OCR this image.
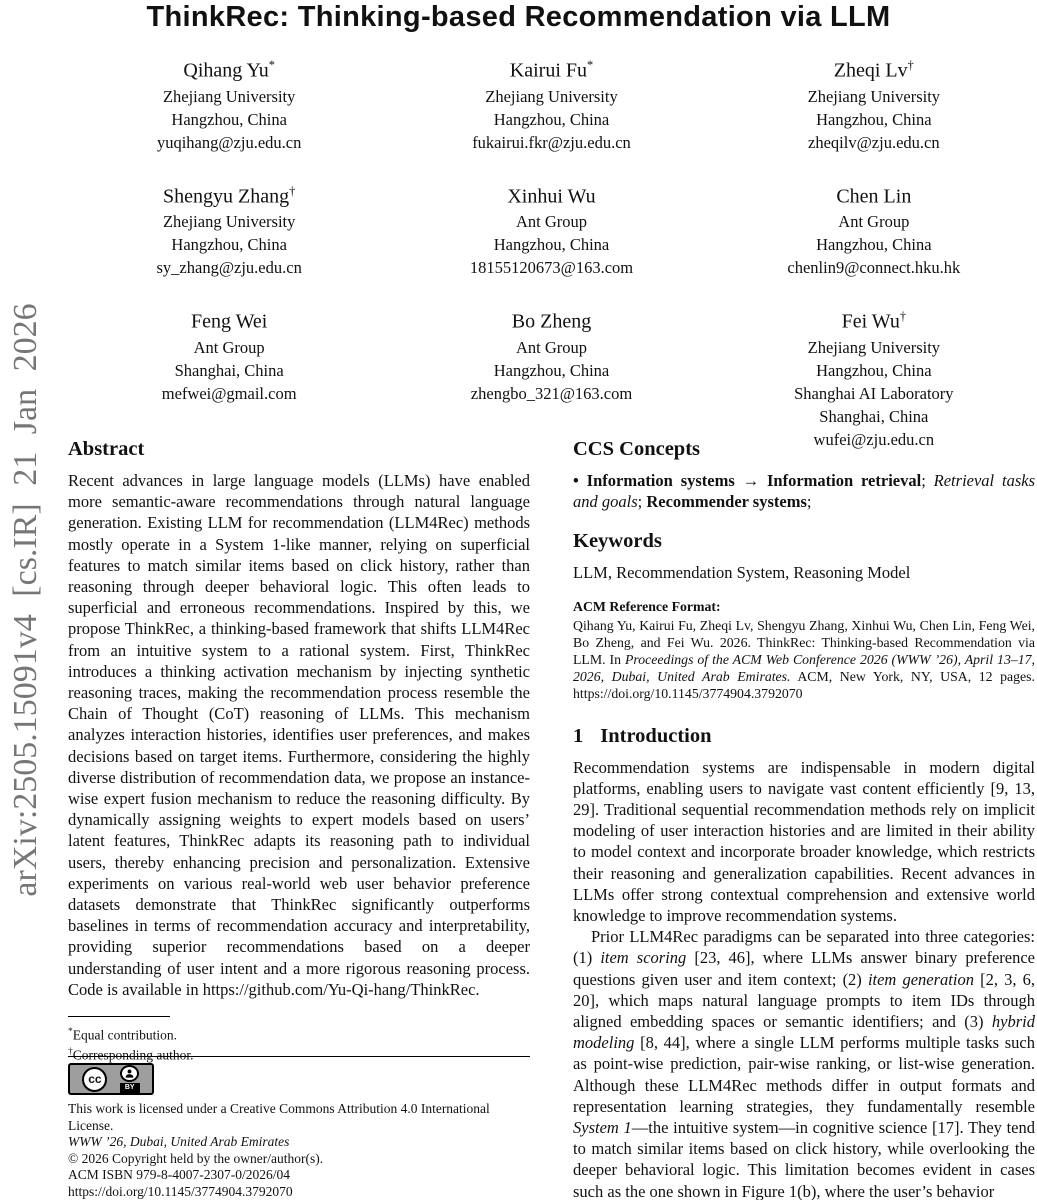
arXiv:2505.15091v4 [cs.IR] 21 Jan 2026
ThinkRec: Thinking-based Recommendation via LLM
Qihang Yu*
Zhejiang University
Hangzhou, China
yuqihang@zju.edu.cn
Kairui Fu*
Zhejiang University
Hangzhou, China
fukairui.fkr@zju.edu.cn
Zheqi Lv†
Zhejiang University
Hangzhou, China
zheqilv@zju.edu.cn
Shengyu Zhang†
Zhejiang University
Hangzhou, China
sy_zhang@zju.edu.cn
Xinhui Wu
Ant Group
Hangzhou, China
18155120673@163.com
Chen Lin
Ant Group
Hangzhou, China
chenlin9@connect.hku.hk
Feng Wei
Ant Group
Shanghai, China
mefwei@gmail.com
Bo Zheng
Ant Group
Hangzhou, China
zhengbo_321@163.com
Fei Wu†
Zhejiang University
Hangzhou, China
Shanghai AI Laboratory
Shanghai, China
wufei@zju.edu.cn
Abstract

Recent advances in large language models (LLMs) have enabled more semantic-aware recommendations through natural language generation. Existing LLM for recommendation (LLM4Rec) methods mostly operate in a System 1-like manner, relying on superficial features to match similar items based on click history, rather than reasoning through deeper behavioral logic. This often leads to superficial and erroneous recommendations. Inspired by this, we propose ThinkRec, a thinking-based framework that shifts LLM4Rec from an intuitive system to a rational system. First, ThinkRec introduces a thinking activation mechanism by injecting synthetic reasoning traces, making the recommendation process resemble the Chain of Thought (CoT) reasoning of LLMs. This mechanism analyzes interaction histories, identifies user preferences, and makes decisions based on target items. Furthermore, considering the highly diverse distribution of recommendation data, we propose an instance-wise expert fusion mechanism to reduce the reasoning difficulty. By dynamically assigning weights to expert models based on users’ latent features, ThinkRec adapts its reasoning path to individual users, thereby enhancing precision and personalization. Extensive experiments on various real-world web user behavior preference datasets demonstrate that ThinkRec significantly outperforms baselines in terms of recommendation accuracy and interpretability, providing superior recommendations based on a deeper understanding of user intent and a more rigorous reasoning process. Code is available in https://github.com/Yu-Qi-hang/ThinkRec.

*Equal contribution.

†Corresponding author.

cc
BY

This work is licensed under a Creative Commons Attribution 4.0 International License.

WWW ’26, Dubai, United Arab Emirates

© 2026 Copyright held by the owner/author(s).

ACM ISBN 979-8-4007-2307-0/2026/04

https://doi.org/10.1145/3774904.3792070

CCS Concepts

• Information systems → Information retrieval; Retrieval tasks and goals; Recommender systems;

Keywords

LLM, Recommendation System, Reasoning Model

ACM Reference Format:

Qihang Yu, Kairui Fu, Zheqi Lv, Shengyu Zhang, Xinhui Wu, Chen Lin, Feng Wei, Bo Zheng, and Fei Wu. 2026. ThinkRec: Thinking-based Recommendation via LLM. In Proceedings of the ACM Web Conference 2026 (WWW ’26), April 13–17, 2026, Dubai, United Arab Emirates. ACM, New York, NY, USA, 12 pages. https://doi.org/10.1145/3774904.3792070

1 Introduction

Recommendation systems are indispensable in modern digital platforms, enabling users to navigate vast content efficiently [9, 13, 29]. Traditional sequential recommendation methods rely on implicit modeling of user interaction histories and are limited in their ability to model context and incorporate broader knowledge, which restricts their reasoning and generalization capabilities. Recent advances in LLMs offer strong contextual comprehension and extensive world knowledge to improve recommendation systems.

Prior LLM4Rec paradigms can be separated into three categories: (1) item scoring [23, 46], where LLMs answer binary preference questions given user and item context; (2) item generation [2, 3, 6, 20], which maps natural language prompts to item IDs through aligned embedding spaces or semantic identifiers; and (3) hybrid modeling [8, 44], where a single LLM performs multiple tasks such as point-wise prediction, pair-wise ranking, or list-wise generation. Although these LLM4Rec methods differ in output formats and representation learning strategies, they fundamentally resemble System 1—the intuitive system—in cognitive science [17]. They tend to match similar items based on click history, while overlooking the deeper behavioral logic. This limitation becomes evident in cases such as the one shown in Figure 1(b), where the user’s behavior
